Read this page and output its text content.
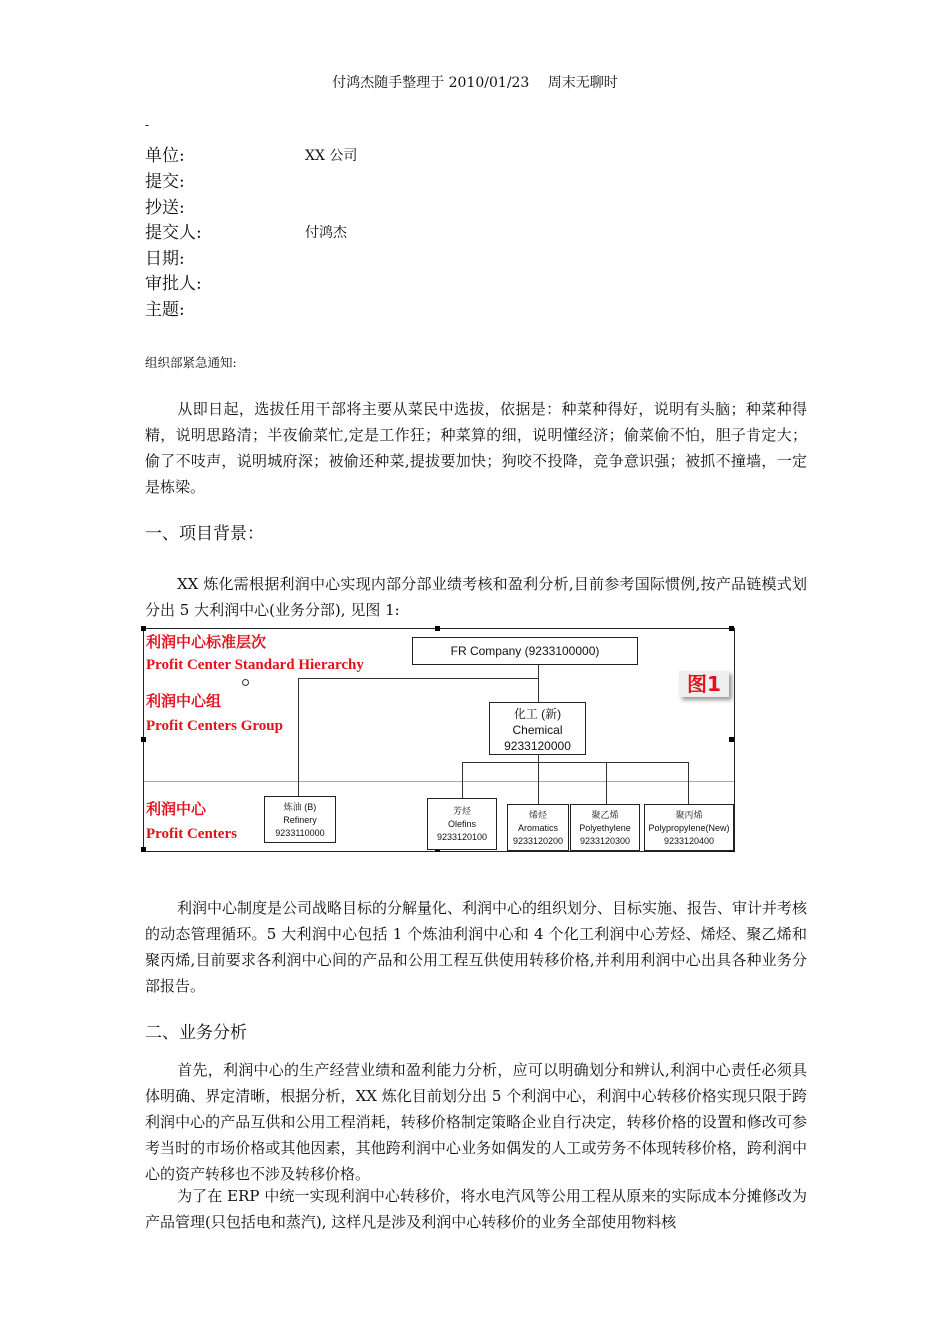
付鸿杰随手整理于 2010/01/23　 周末无聊时
-
单位:	XX 公司
提交:
抄送:
提交人:	付鸿杰
日期:
审批人:
主题:
组织部紧急通知:
从即日起，选拔任用干部将主要从菜民中选拔，依据是：种菜种得好，说明有头脑；种菜种得精，说明思路清；半夜偷菜忙,定是工作狂；种菜算的细，说明懂经济；偷菜偷不怕，胆子肯定大；偷了不吱声，说明城府深；被偷还种菜,提拔要加快；狗咬不投降，竞争意识强；被抓不撞墙，一定是栋梁。
一、项目背景：
XX 炼化需根据利润中心实现内部分部业绩考核和盈利分析,目前参考国际惯例,按产品链模式划分出 5 大利润中心(业务分部), 见图 1:
利润中心标准层次
Profit Center Standard Hierarchy
利润中心组
Profit Centers Group
利润中心
Profit Centers
图1
FR Company (9233100000)
化工 (新)
Chemical
9233120000
炼油 (B)
Refinery
9233110000
芳烃
Olefins
9233120100
烯烃
Aromatics
9233120200
聚乙烯
Polyethylene
9233120300
聚丙烯
Polypropylene(New)
9233120400
利润中心制度是公司战略目标的分解量化、利润中心的组织划分、目标实施、报告、审计并考核的动态管理循环。5 大利润中心包括 1 个炼油利润中心和 4 个化工利润中心芳烃、烯烃、聚乙烯和聚丙烯,目前要求各利润中心间的产品和公用工程互供使用转移价格,并利用利润中心出具各种业务分部报告。
二、业务分析
首先，利润中心的生产经营业绩和盈利能力分析，应可以明确划分和辨认,利润中心责任必须具体明确、界定清晰，根据分析，XX 炼化目前划分出 5 个利润中心，利润中心转移价格实现只限于跨利润中心的产品互供和公用工程消耗，转移价格制定策略企业自行决定，转移价格的设置和修改可参考当时的市场价格或其他因素，其他跨利润中心业务如偶发的人工或劳务不体现转移价格，跨利润中心的资产转移也不涉及转移价格。
为了在 ERP 中统一实现利润中心转移价，将水电汽风等公用工程从原来的实际成本分摊修改为产品管理(只包括电和蒸汽), 这样凡是涉及利润中心转移价的业务全部使用物料核
